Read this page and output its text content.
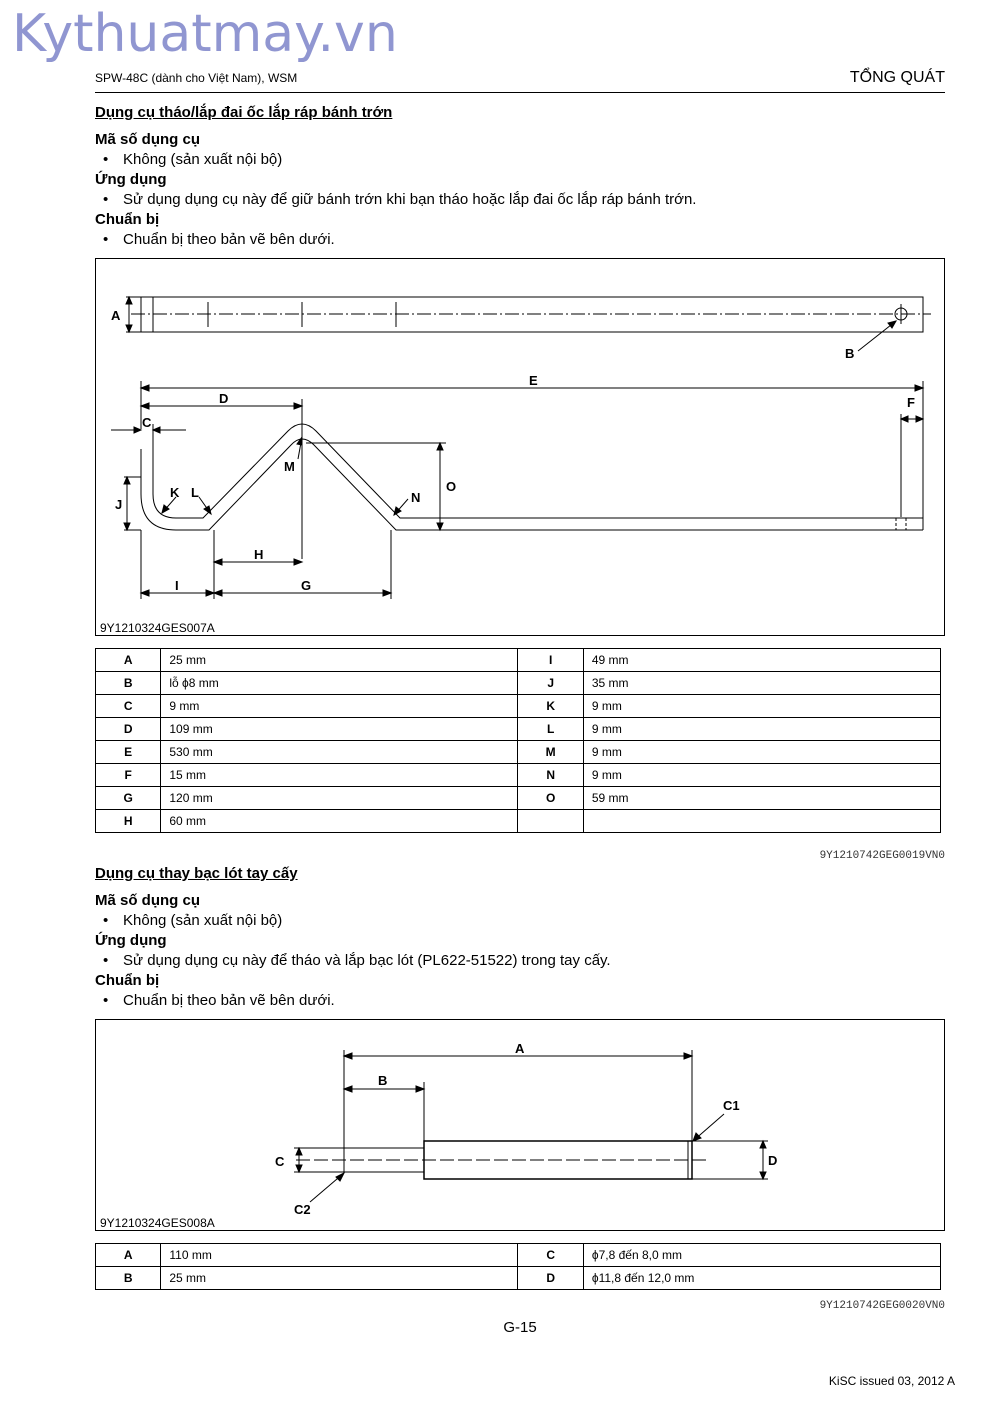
Kythuatmay.vn
SPW-48C (dành cho Việt Nam), WSM	TỔNG QUÁT
Dụng cụ tháo/lắp đai ốc lắp ráp bánh trớn
Mã số dụng cụ
• Không (sản xuất nội bộ)
Ứng dụng
• Sử dụng dụng cụ này để giữ bánh trớn khi bạn tháo hoặc lắp đai ốc lắp ráp bánh trớn.
Chuẩn bị
• Chuẩn bị theo bản vẽ bên dưới.
A
B
C
D
E
F
G
H
I
J
K L
M
N
O
9Y1210324GES007A
A	25 mm	I	49 mm
B	lỗ ϕ8 mm	J	35 mm
C	9 mm	K	9 mm
D	109 mm	L	9 mm
E	530 mm	M	9 mm
F	15 mm	N	9 mm
G	120 mm	O	59 mm
H	60 mm		
9Y1210742GEG0019VN0
Dụng cụ thay bạc lót tay cấy
Mã số dụng cụ
• Không (sản xuất nội bộ)
Ứng dụng
• Sử dụng dụng cụ này để tháo và lắp bạc lót (PL622-51522) trong tay cấy.
Chuẩn bị
• Chuẩn bị theo bản vẽ bên dưới.
A
B
C1
C	D
C2
9Y1210324GES008A
A	110 mm	C	ϕ7,8 đến 8,0 mm
B	25 mm	D	ϕ11,8 đến 12,0 mm
9Y1210742GEG0020VN0
G-15
KiSC issued 03, 2012 A
